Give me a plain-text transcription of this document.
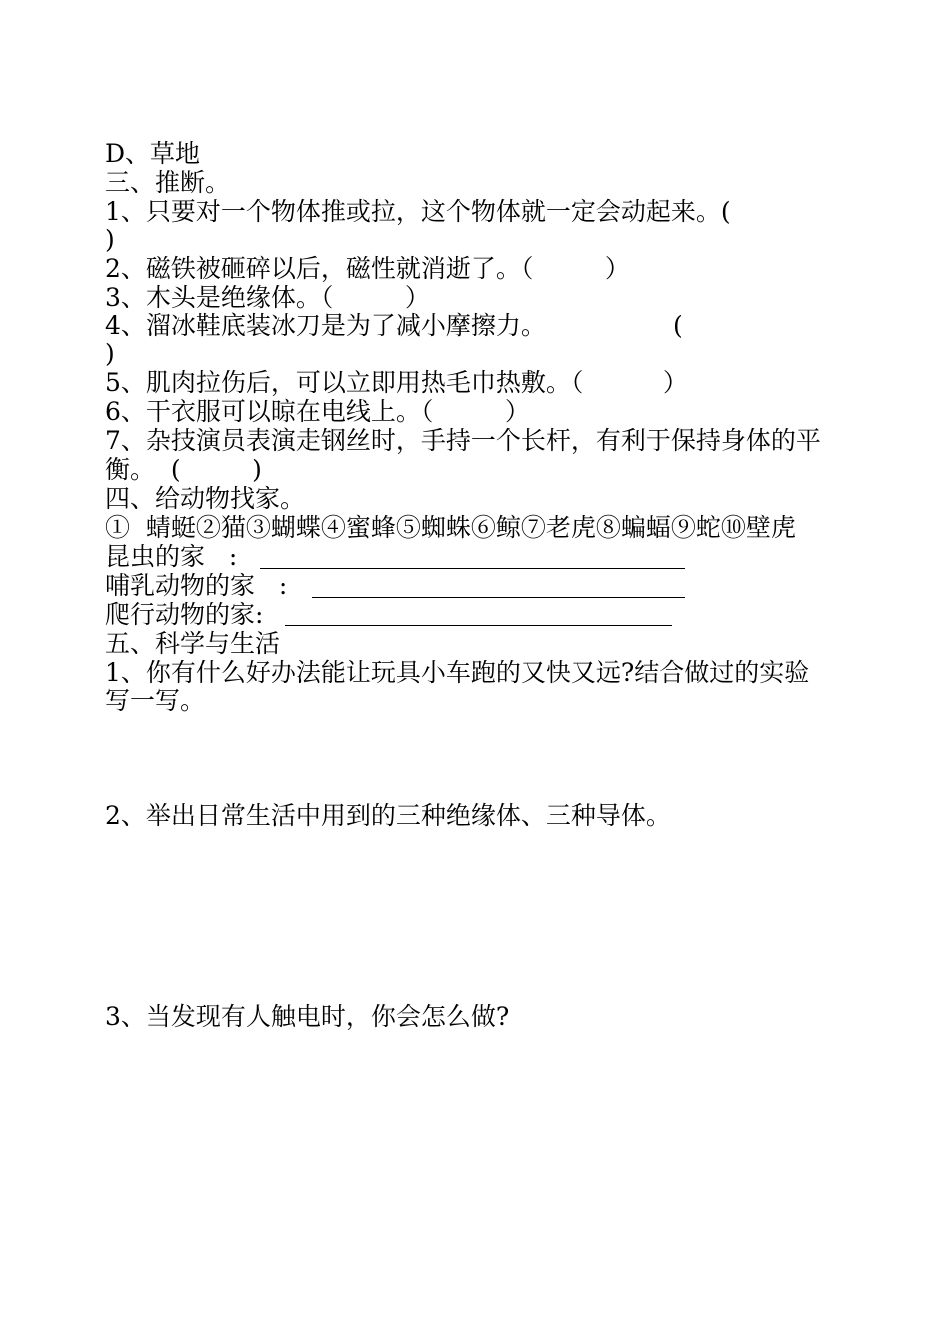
D、草地
三、推断。
1、只要对一个物体推或拉，这个物体就一定会动起来。(
)
2、磁铁被砸碎以后，磁性就消逝了。（         ）
3、木头是绝缘体。（         ）
4、溜冰鞋底装冰刀是为了减小摩擦力。                (
)
5、肌肉拉伤后，可以立即用热毛巾热敷。（          ）
6、干衣服可以晾在电线上。（         ）
7、杂技演员表演走钢丝时，手持一个长杆，有利于保持身体的平
衡。  (         )
四、给动物找家。
①  蜻蜓②猫③蝴蝶④蜜蜂⑤蜘蛛⑥鲸⑦老虎⑧蝙蝠⑨蛇⑩壁虎
昆虫的家   :
哺乳动物的家   :
爬行动物的家:
五、科学与生活
1、你有什么好办法能让玩具小车跑的又快又远?结合做过的实验
写一写。
2、举出日常生活中用到的三种绝缘体、三种导体。
3、当发现有人触电时，你会怎么做?
